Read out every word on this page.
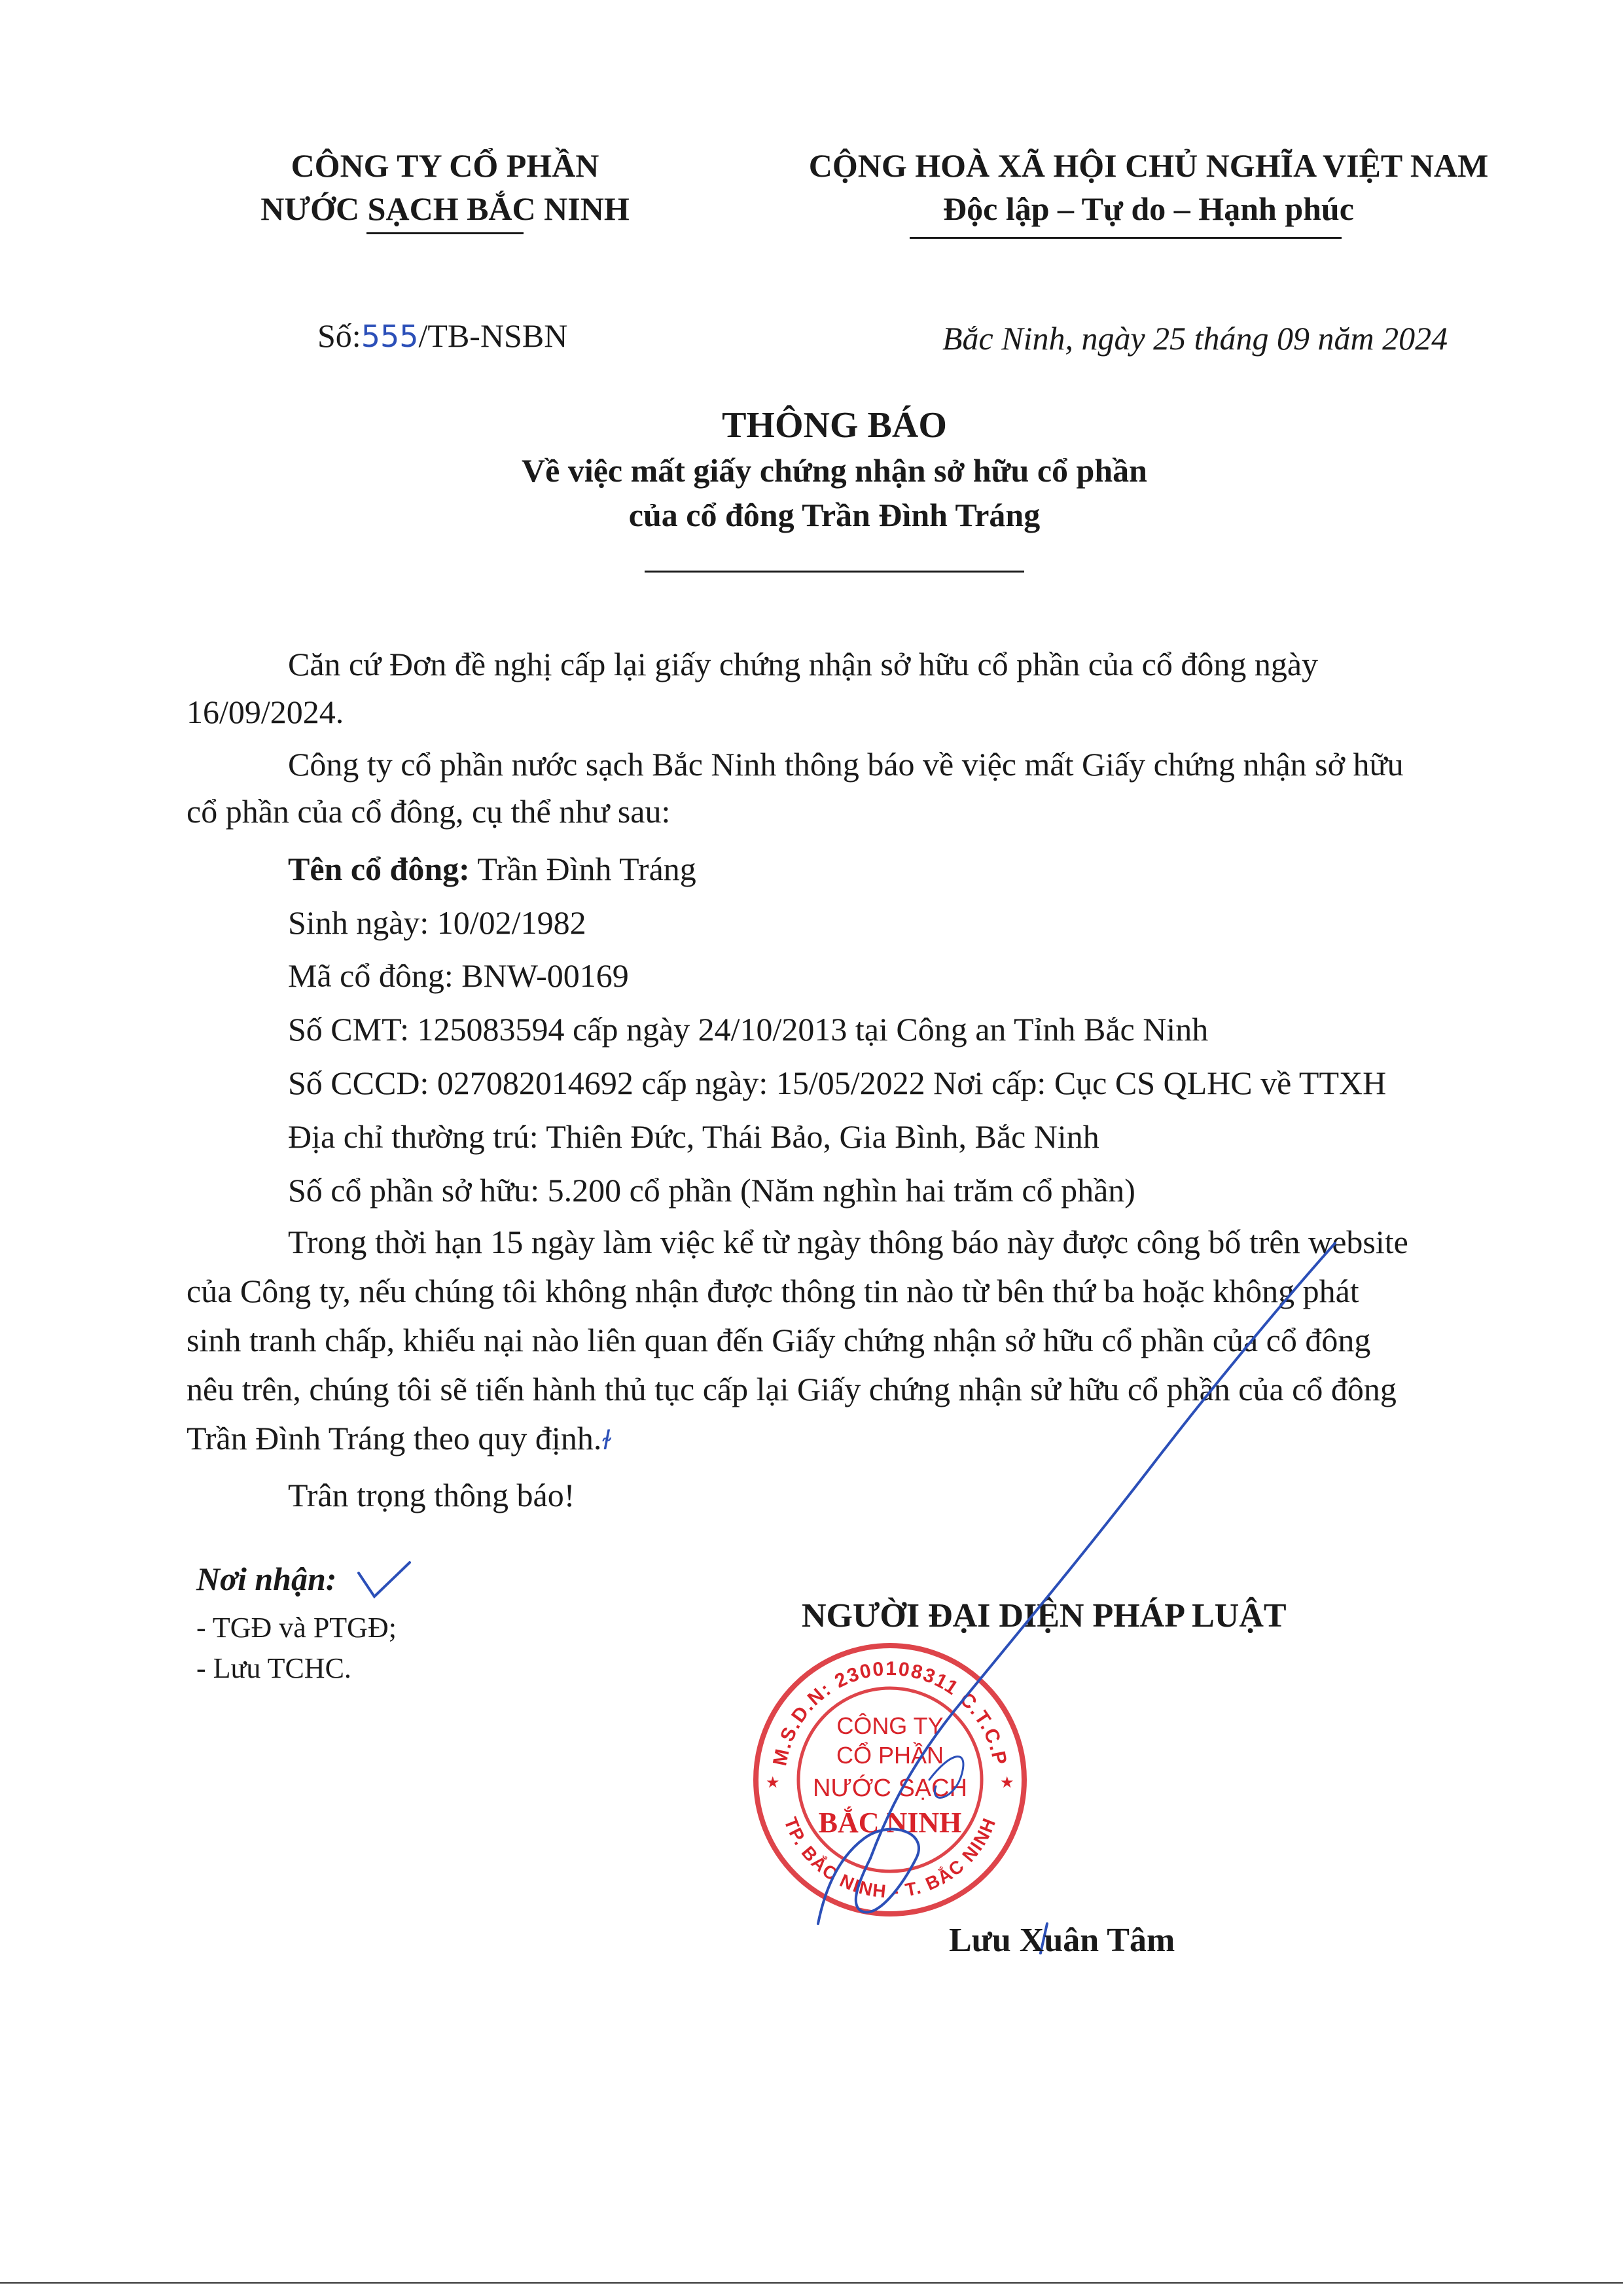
CÔNG TY CỔ PHẦN
NƯỚC SẠCH BẮC NINH
CỘNG HOÀ XÃ HỘI CHỦ NGHĨA VIỆT NAM
Độc lập – Tự do – Hạnh phúc
Số:555/TB-NSBN	Bắc Ninh, ngày 25 tháng 09 năm 2024
THÔNG BÁO
Về việc mất giấy chứng nhận sở hữu cổ phần
của cổ đông Trần Đình Tráng
Căn cứ Đơn đề nghị cấp lại giấy chứng nhận sở hữu cổ phần của cổ đông ngày
16/09/2024.
Công ty cổ phần nước sạch Bắc Ninh thông báo về việc mất Giấy chứng nhận sở hữu
cổ phần của cổ đông, cụ thể như sau:
Tên cổ đông: Trần Đình Tráng
Sinh ngày: 10/02/1982
Mã cổ đông: BNW-00169
Số CMT: 125083594 cấp ngày 24/10/2013 tại Công an Tỉnh Bắc Ninh
Số CCCD: 027082014692 cấp ngày: 15/05/2022 Nơi cấp: Cục CS QLHC về TTXH
Địa chỉ thường trú: Thiên Đức, Thái Bảo, Gia Bình, Bắc Ninh
Số cổ phần sở hữu: 5.200 cổ phần (Năm nghìn hai trăm cổ phần)
Trong thời hạn 15 ngày làm việc kể từ ngày thông báo này được công bố trên website
của Công ty, nếu chúng tôi không nhận được thông tin nào từ bên thứ ba hoặc không phát
sinh tranh chấp, khiếu nại nào liên quan đến Giấy chứng nhận sở hữu cổ phần của cổ đông
nêu trên, chúng tôi sẽ tiến hành thủ tục cấp lại Giấy chứng nhận sử hữu cổ phần của cổ đông
Trần Đình Tráng theo quy định.ɫ
Trân trọng thông báo!
Nơi nhận:
- TGĐ và PTGĐ;
- Lưu TCHC.
NGƯỜI ĐẠI DIỆN PHÁP LUẬT
M.S.D.N: 2300108311 C.T.C.P
TP. BẮC NINH - T. BẮC NINH
★	★
CÔNG TY
CỔ PHẦN
NƯỚC SẠCH
BẮC NINH
Lưu Xuân Tâm
